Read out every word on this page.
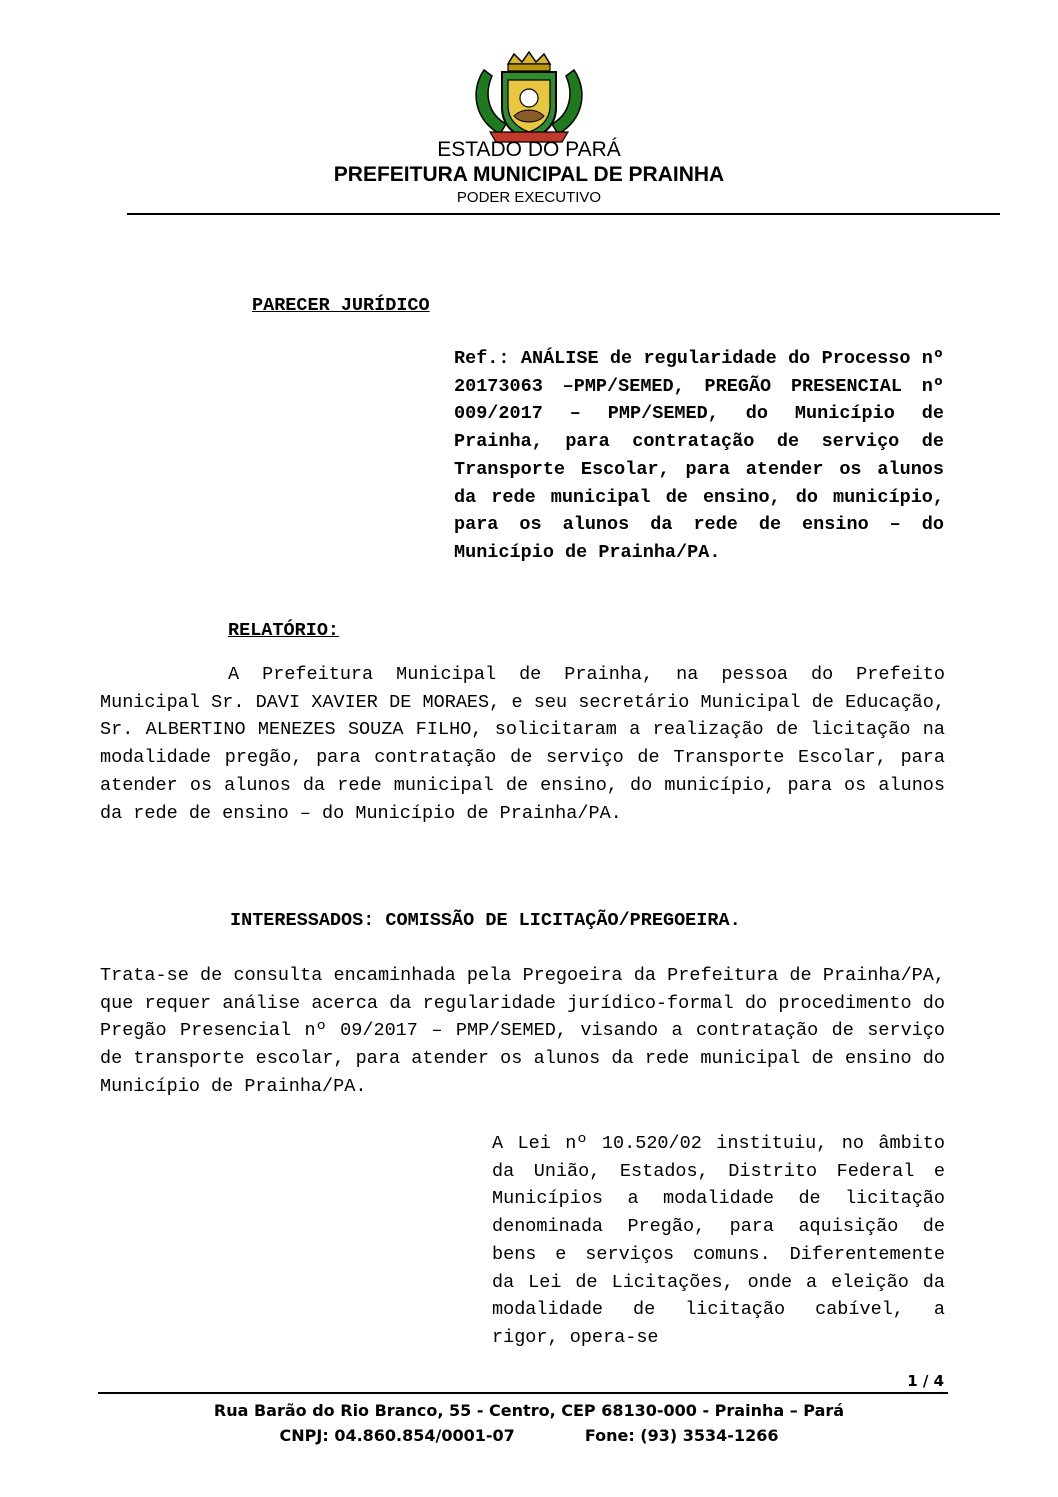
ESTADO DO PARÁ
PREFEITURA MUNICIPAL DE PRAINHA
PODER EXECUTIVO
PARECER JURÍDICO
Ref.: ANÁLISE de regularidade do Processo nº 20173063 –PMP/SEMED, PREGÃO PRESENCIAL nº 009/2017 – PMP/SEMED, do Município de Prainha, para contratação de serviço de Transporte Escolar, para atender os alunos da rede municipal de ensino, do município, para os alunos da rede de ensino – do Município de Prainha/PA.
RELATÓRIO:

A Prefeitura Municipal de Prainha, na pessoa do Prefeito Municipal Sr. DAVI XAVIER DE MORAES, e seu secretário Municipal de Educação, Sr. ALBERTINO MENEZES SOUZA FILHO, solicitaram a realização de licitação na modalidade pregão, para contratação de serviço de Transporte Escolar, para atender os alunos da rede municipal de ensino, do município, para os alunos da rede de ensino – do Município de Prainha/PA.

INTERESSADOS: COMISSÃO DE LICITAÇÃO/PREGOEIRA.

Trata-se de consulta encaminhada pela Pregoeira da Prefeitura de Prainha/PA, que requer análise acerca da regularidade jurídico-formal do procedimento do Pregão Presencial nº 09/2017 – PMP/SEMED, visando a contratação de serviço de transporte escolar, para atender os alunos da rede municipal de ensino do Município de Prainha/PA.

A Lei nº 10.520/02 instituiu, no âmbito da União, Estados, Distrito Federal e Municípios a modalidade de licitação denominada Pregão, para aquisição de bens e serviços comuns. Diferentemente da Lei de Licitações, onde a eleição da modalidade de licitação cabível, a rigor, opera-se

1 / 4
Rua Barão do Rio Branco, 55 - Centro, CEP 68130-000 - Prainha – Pará
CNPJ: 04.860.854/0001-07	Fone: (93) 3534-1266
